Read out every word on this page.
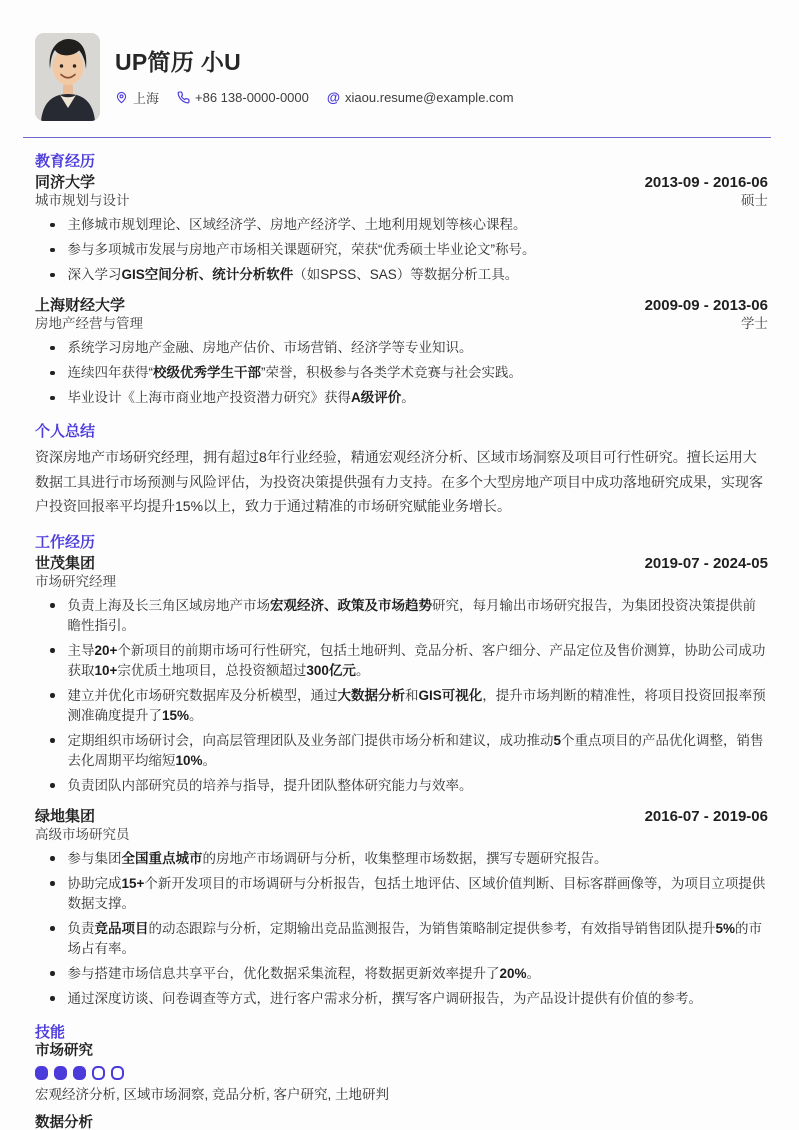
UP简历 小U
上海	+86 138-0000-0000 @ xiaou.resume@example.com
教育经历
同济大学	2013-09 - 2016-06
城市规划与设计	硕士
主修城市规划理论、区域经济学、房地产经济学、土地利用规划等核心课程。
参与多项城市发展与房地产市场相关课题研究，荣获“优秀硕士毕业论文”称号。
深入学习GIS空间分析、统计分析软件（如SPSS、SAS）等数据分析工具。
上海财经大学	2009-09 - 2013-06
房地产经营与管理	学士
系统学习房地产金融、房地产估价、市场营销、经济学等专业知识。
连续四年获得“校级优秀学生干部”荣誉，积极参与各类学术竞赛与社会实践。
毕业设计《上海市商业地产投资潜力研究》获得A级评价。
个人总结

资深房地产市场研究经理，拥有超过8年行业经验，精通宏观经济分析、区域市场洞察及项目可行性研究。擅长运用大数据工具进行市场预测与风险评估，为投资决策提供强有力支持。在多个大型房地产项目中成功落地研究成果，实现客户投资回报率平均提升15%以上，致力于通过精准的市场研究赋能业务增长。

工作经历
世茂集团	2019-07 - 2024-05
市场研究经理
负责上海及长三角区域房地产市场宏观经济、政策及市场趋势研究，每月输出市场研究报告，为集团投资决策提供前瞻性指引。
主导20+个新项目的前期市场可行性研究，包括土地研判、竞品分析、客户细分、产品定位及售价测算，协助公司成功获取10+宗优质土地项目，总投资额超过300亿元。
建立并优化市场研究数据库及分析模型，通过大数据分析和GIS可视化，提升市场判断的精准性，将项目投资回报率预测准确度提升了15%。
定期组织市场研讨会，向高层管理团队及业务部门提供市场分析和建议，成功推动5个重点项目的产品优化调整，销售去化周期平均缩短10%。
负责团队内部研究员的培养与指导，提升团队整体研究能力与效率。
绿地集团	2016-07 - 2019-06
高级市场研究员
参与集团全国重点城市的房地产市场调研与分析，收集整理市场数据，撰写专题研究报告。
协助完成15+个新开发项目的市场调研与分析报告，包括土地评估、区域价值判断、目标客群画像等，为项目立项提供数据支撑。
负责竞品项目的动态跟踪与分析，定期输出竞品监测报告，为销售策略制定提供参考，有效指导销售团队提升5%的市场占有率。
参与搭建市场信息共享平台，优化数据采集流程，将数据更新效率提升了20%。
通过深度访谈、问卷调查等方式，进行客户需求分析，撰写客户调研报告，为产品设计提供有价值的参考。
技能
市场研究
宏观经济分析, 区域市场洞察, 竞品分析, 客户研究, 土地研判
数据分析
